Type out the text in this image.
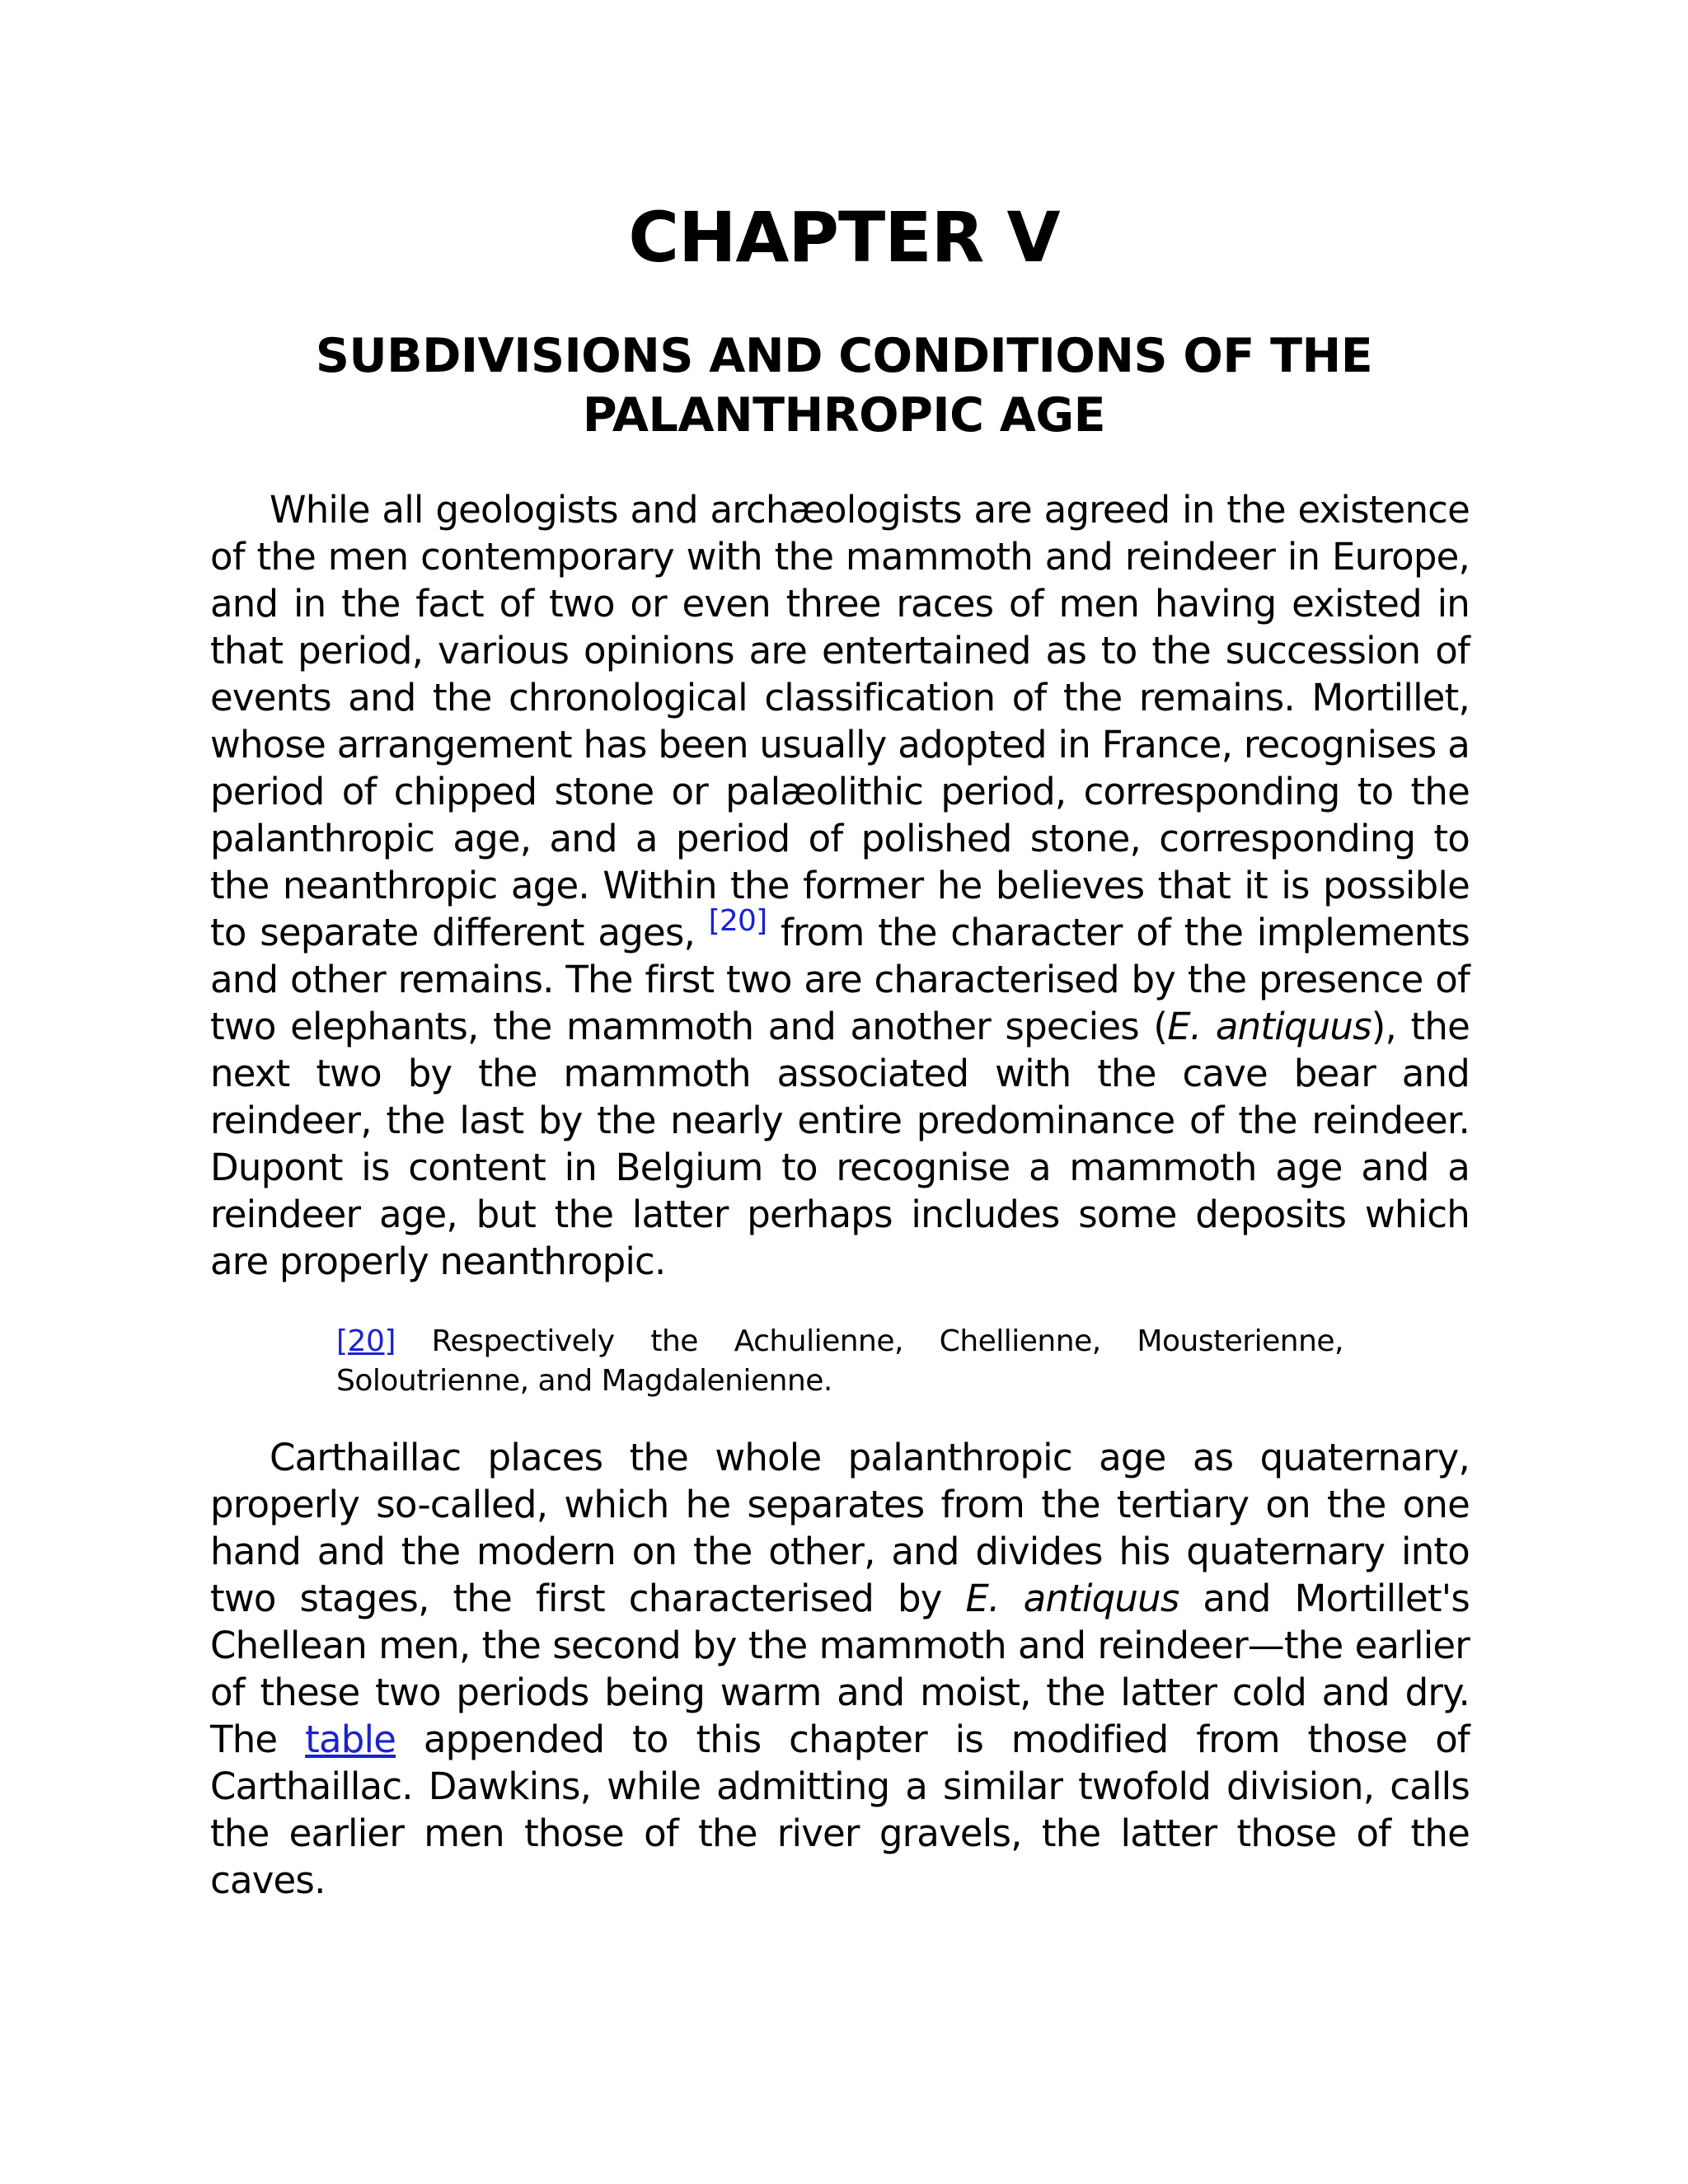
CHAPTER V
SUBDIVISIONS AND CONDITIONS OF THE PALANTHROPIC AGE

While all geologists and archæologists are agreed in the existence of the men contemporary with the mammoth and reindeer in Europe, and in the fact of two or even three races of men having existed in that period, various opinions are entertained as to the succession of events and the chronological classification of the remains. Mortillet, whose arrangement has been usually adopted in France, recognises a period of chipped stone or palæolithic period, corresponding to the palanthropic age, and a period of polished stone, corresponding to the neanthropic age. Within the former he believes that it is possible to separate different ages, [20] from the character of the implements and other remains. The first two are characterised by the presence of two elephants, the mammoth and another species (E. antiquus), the next two by the mammoth associated with the cave bear and reindeer, the last by the nearly entire predominance of the reindeer. Dupont is content in Belgium to recognise a mammoth age and a reindeer age, but the latter perhaps includes some deposits which are properly neanthropic.

[20] Respectively the Achulienne, Chellienne, Mousterienne, Soloutrienne, and Magdalenienne.

Carthaillac places the whole palanthropic age as quaternary, properly so-called, which he separates from the tertiary on the one hand and the modern on the other, and divides his quaternary into two stages, the first characterised by E. antiquus and Mortillet's Chellean men, the second by the mammoth and reindeer—the earlier of these two periods being warm and moist, the latter cold and dry. The table appended to this chapter is modified from those of Carthaillac. Dawkins, while admitting a similar twofold division, calls the earlier men those of the river gravels, the latter those of the caves.
